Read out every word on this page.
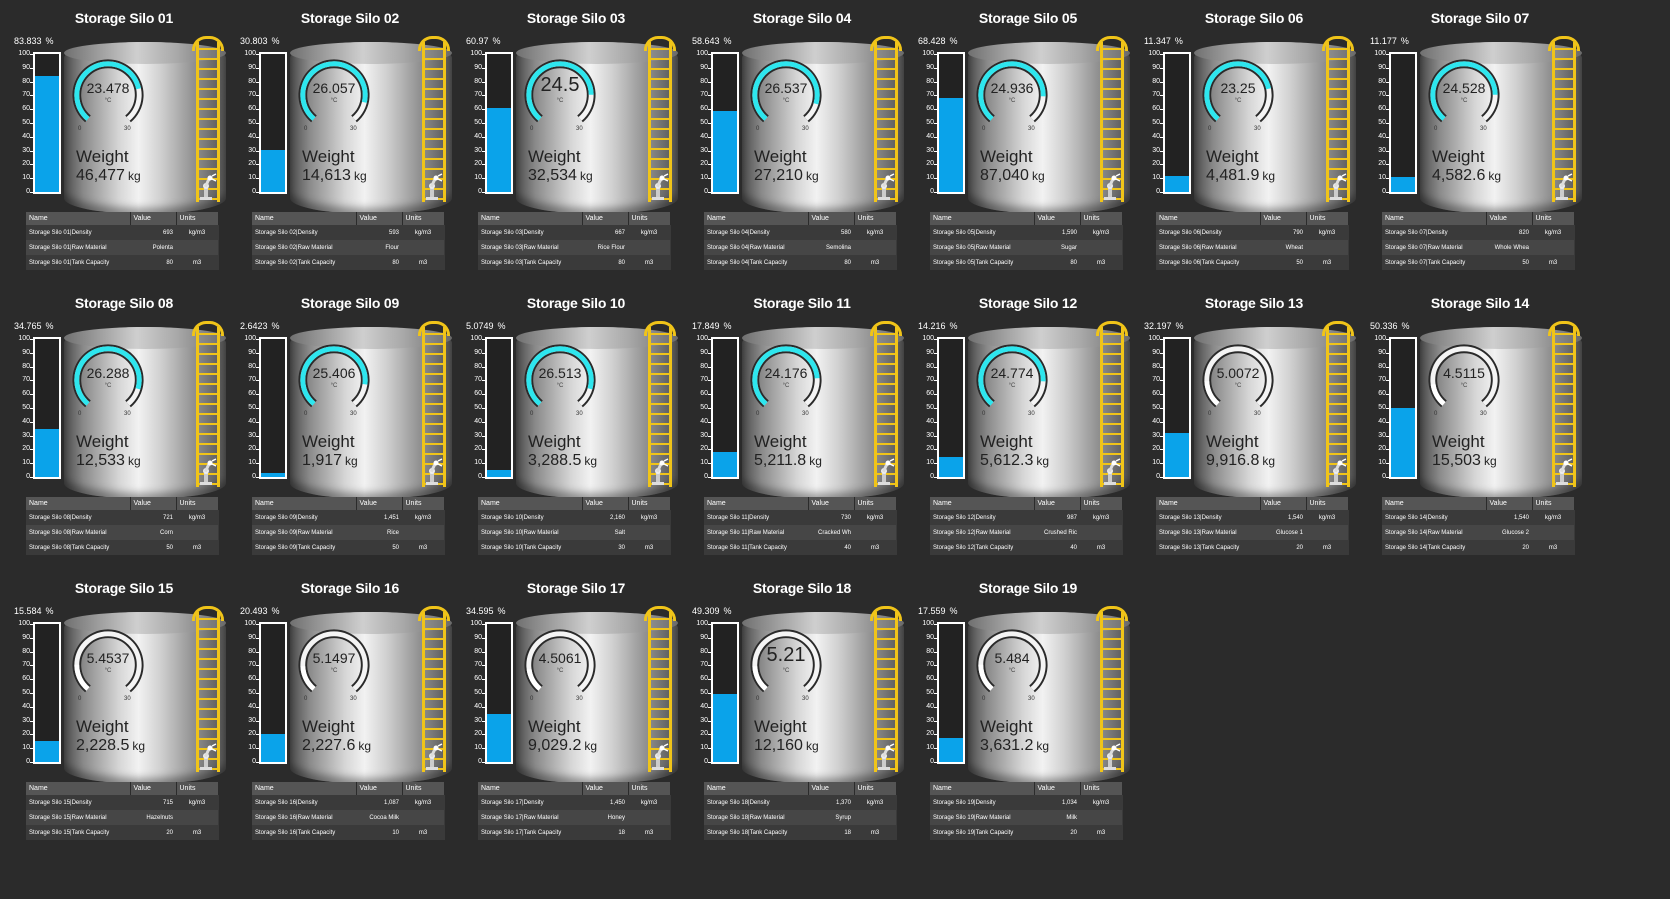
Storage Silo 01
83.833 %
100
90
80
70
60
50
40
30
20
10
0
23.478
°C
0	30
Weight
46,477 kg
Name	Value	Units
Storage Silo 01|Density	693	kg/m3
Storage Silo 01|Raw Material	Polenta	
Storage Silo 01|Tank Capacity	80	m3
Storage Silo 02
30.803 %
100
90
80
70
60
50
40
30
20
10
0
26.057
°C
0	30
Weight
14,613 kg
Name	Value	Units
Storage Silo 02|Density	593	kg/m3
Storage Silo 02|Raw Material	Flour	
Storage Silo 02|Tank Capacity	80	m3
Storage Silo 03
60.97 %
100
90
80
70
60
50
40
30
20
10
0
24.5
°C
0	30
Weight
32,534 kg
Name	Value	Units
Storage Silo 03|Density	667	kg/m3
Storage Silo 03|Raw Material	Rice Flour	
Storage Silo 03|Tank Capacity	80	m3
Storage Silo 04
58.643 %
100
90
80
70
60
50
40
30
20
10
0
26.537
°C
0	30
Weight
27,210 kg
Name	Value	Units
Storage Silo 04|Density	580	kg/m3
Storage Silo 04|Raw Material	Semolina	
Storage Silo 04|Tank Capacity	80	m3
Storage Silo 05
68.428 %
100
90
80
70
60
50
40
30
20
10
0
24.936
°C
0	30
Weight
87,040 kg
Name	Value	Units
Storage Silo 05|Density	1,590	kg/m3
Storage Silo 05|Raw Material	Sugar	
Storage Silo 05|Tank Capacity	80	m3
Storage Silo 06
11.347 %
100
90
80
70
60
50
40
30
20
10
0
23.25
°C
0	30
Weight
4,481.9 kg
Name	Value	Units
Storage Silo 06|Density	790	kg/m3
Storage Silo 06|Raw Material	Wheat	
Storage Silo 06|Tank Capacity	50	m3
Storage Silo 07
11.177 %
100
90
80
70
60
50
40
30
20
10
0
24.528
°C
0	30
Weight
4,582.6 kg
Name	Value	Units
Storage Silo 07|Density	820	kg/m3
Storage Silo 07|Raw Material	Whole Whea	
Storage Silo 07|Tank Capacity	50	m3
Storage Silo 08
34.765 %
100
90
80
70
60
50
40
30
20
10
0
26.288
°C
0	30
Weight
12,533 kg
Name	Value	Units
Storage Silo 08|Density	721	kg/m3
Storage Silo 08|Raw Material	Corn	
Storage Silo 08|Tank Capacity	50	m3
Storage Silo 09
2.6423 %
100
90
80
70
60
50
40
30
20
10
0
25.406
°C
0	30
Weight
1,917 kg
Name	Value	Units
Storage Silo 09|Density	1,451	kg/m3
Storage Silo 09|Raw Material	Rice	
Storage Silo 09|Tank Capacity	50	m3
Storage Silo 10
5.0749 %
100
90
80
70
60
50
40
30
20
10
0
26.513
°C
0	30
Weight
3,288.5 kg
Name	Value	Units
Storage Silo 10|Density	2,160	kg/m3
Storage Silo 10|Raw Material	Salt	
Storage Silo 10|Tank Capacity	30	m3
Storage Silo 11
17.849 %
100
90
80
70
60
50
40
30
20
10
0
24.176
°C
0	30
Weight
5,211.8 kg
Name	Value	Units
Storage Silo 11|Density	730	kg/m3
Storage Silo 11|Raw Material	Cracked Wh	
Storage Silo 11|Tank Capacity	40	m3
Storage Silo 12
14.216 %
100
90
80
70
60
50
40
30
20
10
0
24.774
°C
0	30
Weight
5,612.3 kg
Name	Value	Units
Storage Silo 12|Density	987	kg/m3
Storage Silo 12|Raw Material	Crushed Ric	
Storage Silo 12|Tank Capacity	40	m3
Storage Silo 13
32.197 %
100
90
80
70
60
50
40
30
20
10
0
5.0072
°C
0	30
Weight
9,916.8 kg
Name	Value	Units
Storage Silo 13|Density	1,540	kg/m3
Storage Silo 13|Raw Material	Glucose 1	
Storage Silo 13|Tank Capacity	20	m3
Storage Silo 14
50.336 %
100
90
80
70
60
50
40
30
20
10
0
4.5115
°C
0	30
Weight
15,503 kg
Name	Value	Units
Storage Silo 14|Density	1,540	kg/m3
Storage Silo 14|Raw Material	Glucose 2	
Storage Silo 14|Tank Capacity	20	m3
Storage Silo 15
15.584 %
100
90
80
70
60
50
40
30
20
10
0
5.4537
°C
0	30
Weight
2,228.5 kg
Name	Value	Units
Storage Silo 15|Density	715	kg/m3
Storage Silo 15|Raw Material	Hazelnuts	
Storage Silo 15|Tank Capacity	20	m3
Storage Silo 16
20.493 %
100
90
80
70
60
50
40
30
20
10
0
5.1497
°C
0	30
Weight
2,227.6 kg
Name	Value	Units
Storage Silo 16|Density	1,087	kg/m3
Storage Silo 16|Raw Material	Cocoa Milk	
Storage Silo 16|Tank Capacity	10	m3
Storage Silo 17
34.595 %
100
90
80
70
60
50
40
30
20
10
0
4.5061
°C
0	30
Weight
9,029.2 kg
Name	Value	Units
Storage Silo 17|Density	1,450	kg/m3
Storage Silo 17|Raw Material	Honey	
Storage Silo 17|Tank Capacity	18	m3
Storage Silo 18
49.309 %
100
90
80
70
60
50
40
30
20
10
0
5.21
°C
0	30
Weight
12,160 kg
Name	Value	Units
Storage Silo 18|Density	1,370	kg/m3
Storage Silo 18|Raw Material	Syrup	
Storage Silo 18|Tank Capacity	18	m3
Storage Silo 19
17.559 %
100
90
80
70
60
50
40
30
20
10
0
5.484
°C
0	30
Weight
3,631.2 kg
Name	Value	Units
Storage Silo 19|Density	1,034	kg/m3
Storage Silo 19|Raw Material	Milk	
Storage Silo 19|Tank Capacity	20	m3
